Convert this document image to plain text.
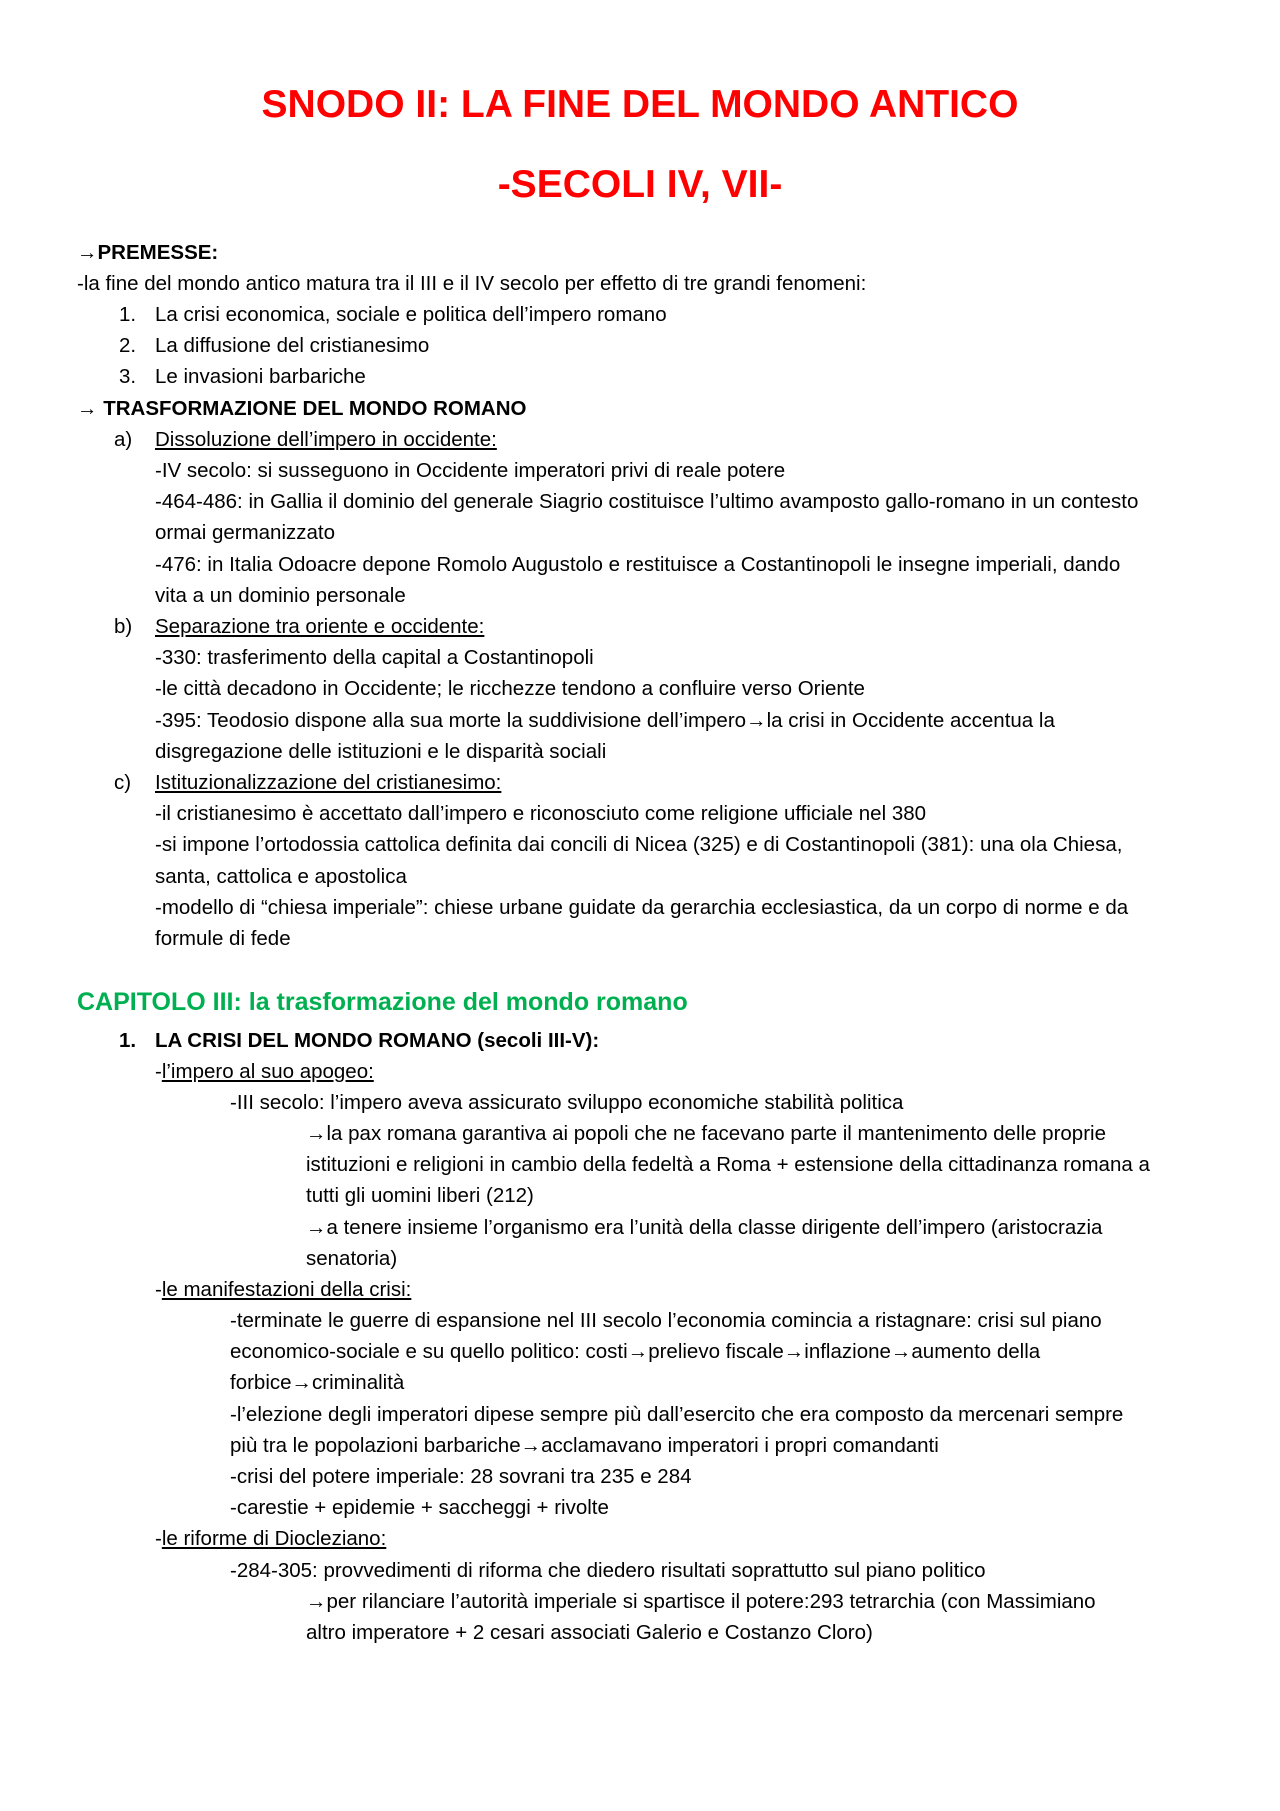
SNODO II: LA FINE DEL MONDO ANTICO
-SECOLI IV, VII-
→PREMESSE:
-la fine del mondo antico matura tra il III e il IV secolo per effetto di tre grandi fenomeni:
1. La crisi economica, sociale e politica dell’impero romano
2. La diffusione del cristianesimo
3. Le invasioni barbariche
→ TRASFORMAZIONE DEL MONDO ROMANO
a) Dissoluzione dell’impero in occidente:
-IV secolo: si susseguono in Occidente imperatori privi di reale potere
-464-486: in Gallia il dominio del generale Siagrio costituisce l’ultimo avamposto gallo-romano in un contesto
ormai germanizzato
-476: in Italia Odoacre depone Romolo Augustolo e restituisce a Costantinopoli le insegne imperiali, dando
vita a un dominio personale
b) Separazione tra oriente e occidente:
-330: trasferimento della capital a Costantinopoli
-le città decadono in Occidente; le ricchezze tendono a confluire verso Oriente
-395: Teodosio dispone alla sua morte la suddivisione dell’impero→la crisi in Occidente accentua la
disgregazione delle istituzioni e le disparità sociali
c) Istituzionalizzazione del cristianesimo:
-il cristianesimo è accettato dall’impero e riconosciuto come religione ufficiale nel 380
-si impone l’ortodossia cattolica definita dai concili di Nicea (325) e di Costantinopoli (381): una ola Chiesa,
santa, cattolica e apostolica
-modello di “chiesa imperiale”: chiese urbane guidate da gerarchia ecclesiastica, da un corpo di norme e da
formule di fede
CAPITOLO III: la trasformazione del mondo romano
1. LA CRISI DEL MONDO ROMANO (secoli III-V):
-l’impero al suo apogeo:
-III secolo: l’impero aveva assicurato sviluppo economiche stabilità politica
→la pax romana garantiva ai popoli che ne facevano parte il mantenimento delle proprie
istituzioni e religioni in cambio della fedeltà a Roma + estensione della cittadinanza romana a
tutti gli uomini liberi (212)
→a tenere insieme l’organismo era l’unità della classe dirigente dell’impero (aristocrazia
senatoria)
-le manifestazioni della crisi:
-terminate le guerre di espansione nel III secolo l’economia comincia a ristagnare: crisi sul piano
economico-sociale e su quello politico: costi→prelievo fiscale→inflazione→aumento della
forbice→criminalità
-l’elezione degli imperatori dipese sempre più dall’esercito che era composto da mercenari sempre
più tra le popolazioni barbariche→acclamavano imperatori i propri comandanti
-crisi del potere imperiale: 28 sovrani tra 235 e 284
-carestie + epidemie + saccheggi + rivolte
-le riforme di Diocleziano:
-284-305: provvedimenti di riforma che diedero risultati soprattutto sul piano politico
→per rilanciare l’autorità imperiale si spartisce il potere:293 tetrarchia (con Massimiano
altro imperatore + 2 cesari associati Galerio e Costanzo Cloro)
